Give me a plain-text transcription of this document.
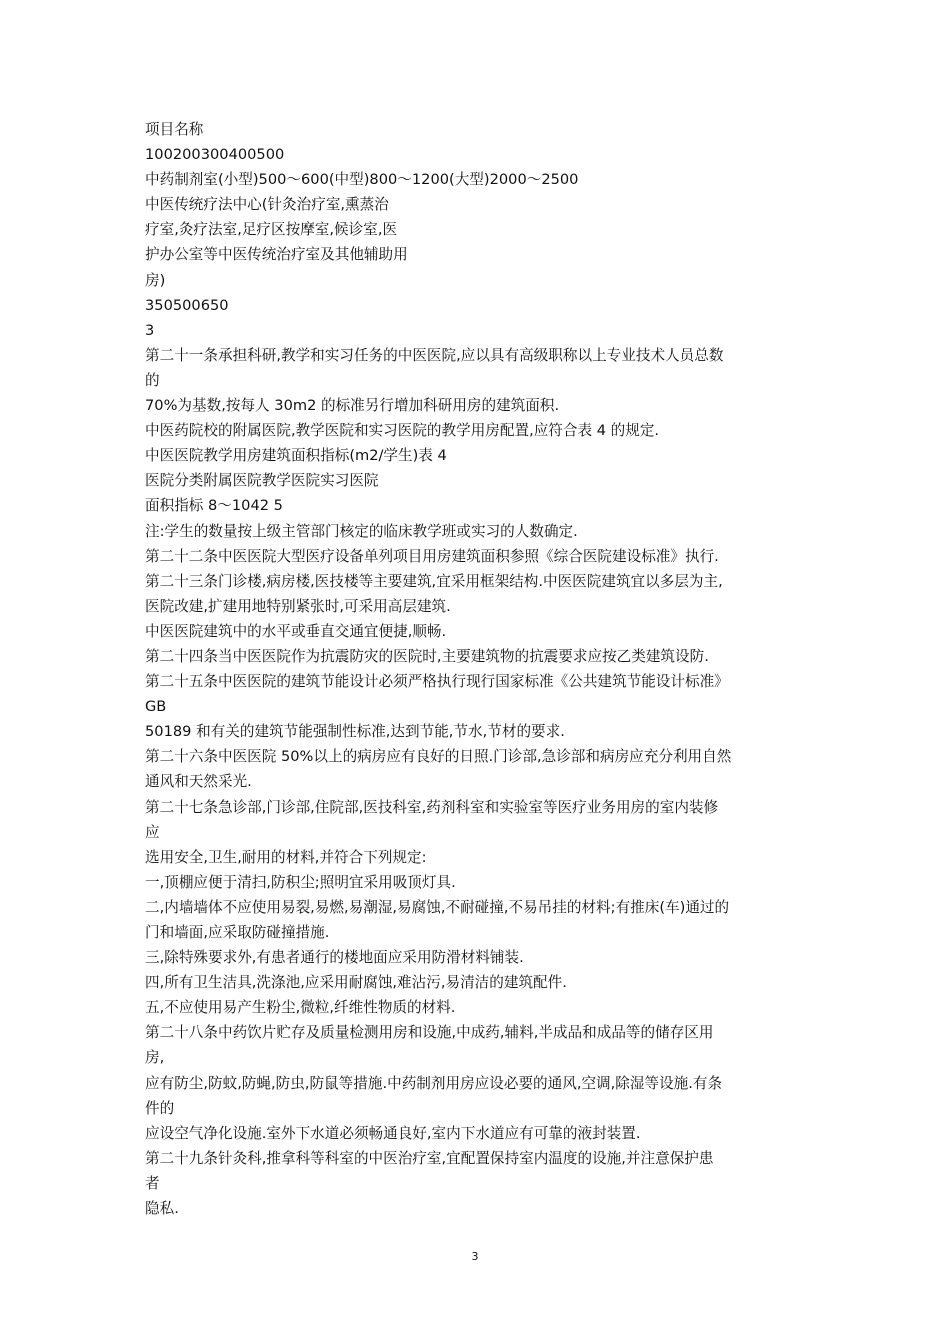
项目名称
100200300400500
中药制剂室(小型)500～600(中型)800～1200(大型)2000～2500
中医传统疗法中心(针灸治疗室,熏蒸治
疗室,灸疗法室,足疗区按摩室,候诊室,医
护办公室等中医传统治疗室及其他辅助用
房)
350500650
3
第二十一条承担科研,教学和实习任务的中医医院,应以具有高级职称以上专业技术人员总数
的
70%为基数,按每人 30m2 的标准另行增加科研用房的建筑面积.
中医药院校的附属医院,教学医院和实习医院的教学用房配置,应符合表 4 的规定.
中医医院教学用房建筑面积指标(m2/学生)表 4
医院分类附属医院教学医院实习医院
面积指标 8～1042 5
注:学生的数量按上级主管部门核定的临床教学班或实习的人数确定.
第二十二条中医医院大型医疗设备单列项目用房建筑面积参照《综合医院建设标准》执行.
第二十三条门诊楼,病房楼,医技楼等主要建筑,宜采用框架结构.中医医院建筑宜以多层为主,
医院改建,扩建用地特别紧张时,可采用高层建筑.
中医医院建筑中的水平或垂直交通宜便捷,顺畅.
第二十四条当中医医院作为抗震防灾的医院时,主要建筑物的抗震要求应按乙类建筑设防.
第二十五条中医医院的建筑节能设计必须严格执行现行国家标准《公共建筑节能设计标准》
GB
50189 和有关的建筑节能强制性标准,达到节能,节水,节材的要求.
第二十六条中医医院 50%以上的病房应有良好的日照.门诊部,急诊部和病房应充分利用自然
通风和天然采光.
第二十七条急诊部,门诊部,住院部,医技科室,药剂科室和实验室等医疗业务用房的室内装修
应
选用安全,卫生,耐用的材料,并符合下列规定:
一,顶棚应便于清扫,防积尘;照明宜采用吸顶灯具.
二,内墙墙体不应使用易裂,易燃,易潮湿,易腐蚀,不耐碰撞,不易吊挂的材料;有推床(车)通过的
门和墙面,应采取防碰撞措施.
三,除特殊要求外,有患者通行的楼地面应采用防滑材料铺装.
四,所有卫生洁具,洗涤池,应采用耐腐蚀,难沾污,易清洁的建筑配件.
五,不应使用易产生粉尘,微粒,纤维性物质的材料.
第二十八条中药饮片贮存及质量检测用房和设施,中成药,辅料,半成品和成品等的储存区用
房,
应有防尘,防蚊,防蝇,防虫,防鼠等措施.中药制剂用房应设必要的通风,空调,除湿等设施.有条
件的
应设空气净化设施.室外下水道必须畅通良好,室内下水道应有可靠的液封装置.
第二十九条针灸科,推拿科等科室的中医治疗室,宜配置保持室内温度的设施,并注意保护患
者
隐私.
3
